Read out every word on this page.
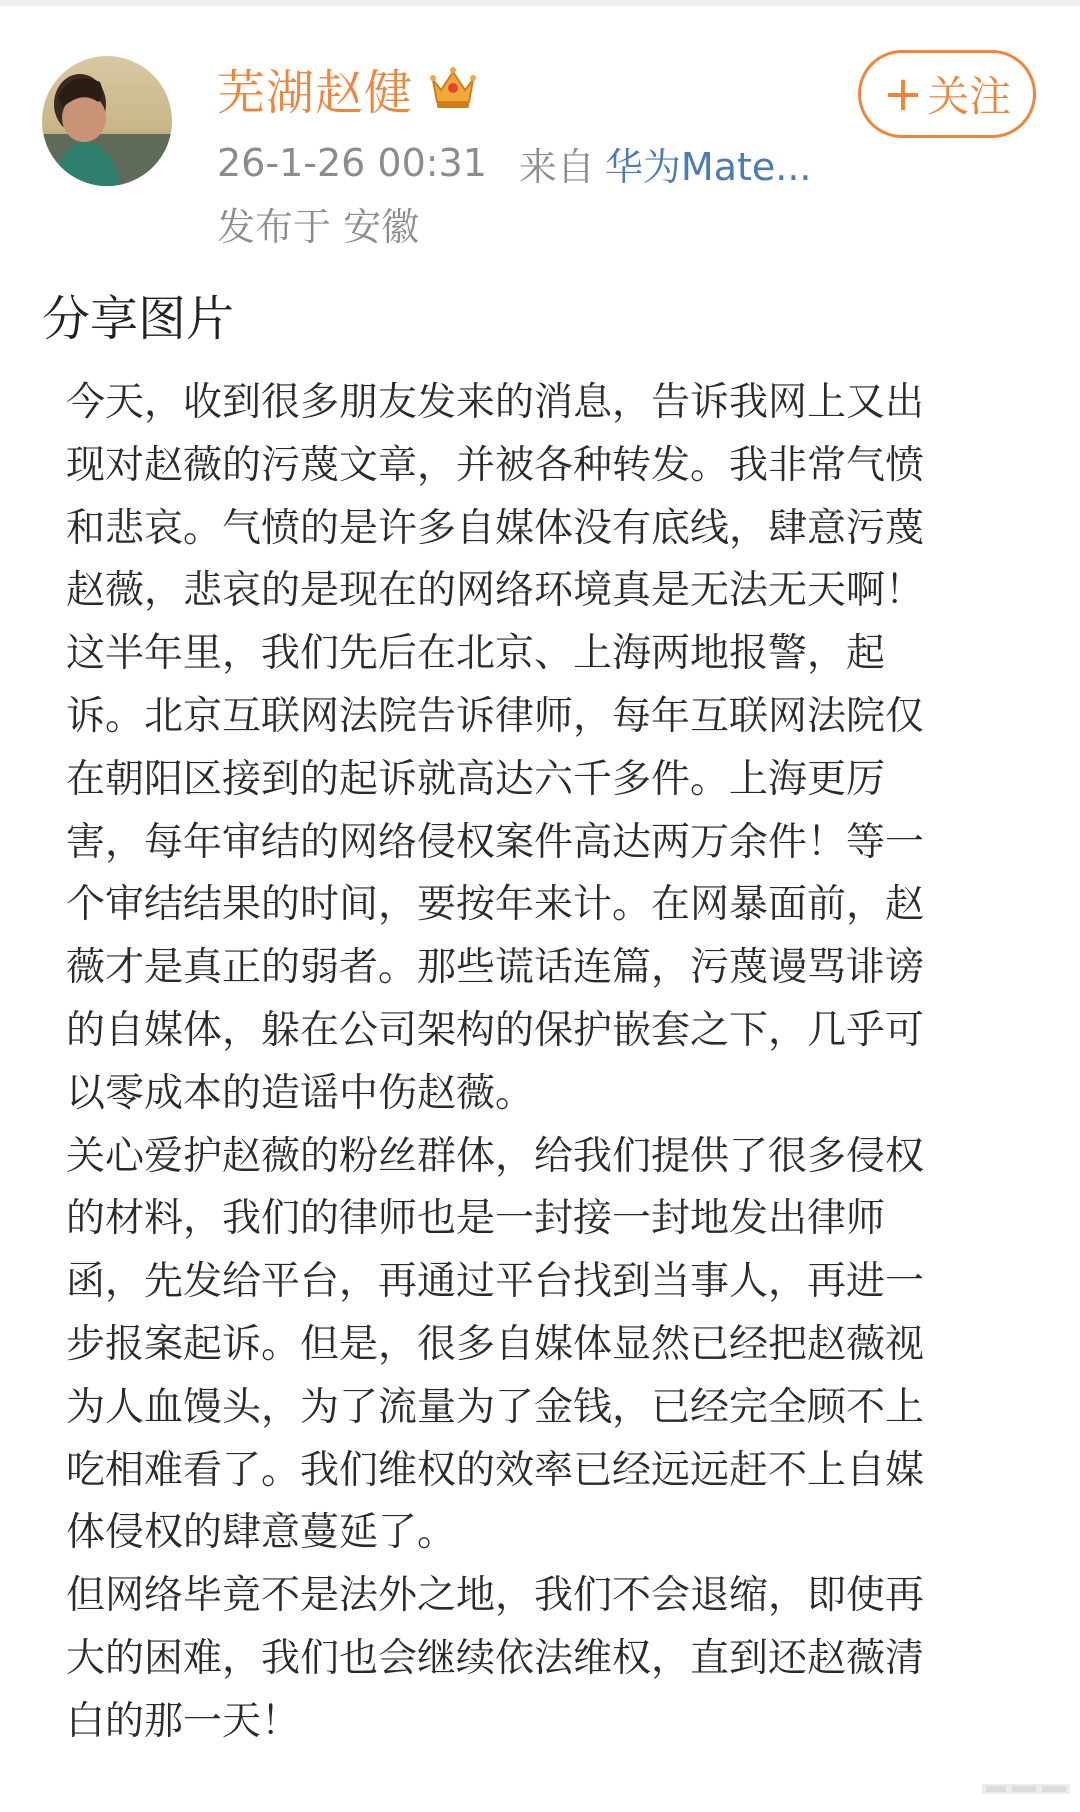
芜湖赵健
26-1-26 00:31 来自 华为Mate...
发布于 安徽
+ 关注
分享图片

今天，收到很多朋友发来的消息，告诉我网上又出

现对赵薇的污蔑文章，并被各种转发。我非常气愤

和悲哀。气愤的是许多自媒体没有底线，肆意污蔑

赵薇，悲哀的是现在的网络环境真是无法无天啊！

这半年里，我们先后在北京、上海两地报警，起

诉。北京互联网法院告诉律师，每年互联网法院仅

在朝阳区接到的起诉就高达六千多件。上海更厉

害，每年审结的网络侵权案件高达两万余件！等一

个审结结果的时间，要按年来计。在网暴面前，赵

薇才是真正的弱者。那些谎话连篇，污蔑谩骂诽谤

的自媒体，躲在公司架构的保护嵌套之下，几乎可

以零成本的造谣中伤赵薇。

关心爱护赵薇的粉丝群体，给我们提供了很多侵权

的材料，我们的律师也是一封接一封地发出律师

函，先发给平台，再通过平台找到当事人，再进一

步报案起诉。但是，很多自媒体显然已经把赵薇视

为人血馒头，为了流量为了金钱，已经完全顾不上

吃相难看了。我们维权的效率已经远远赶不上自媒

体侵权的肆意蔓延了。

但网络毕竟不是法外之地，我们不会退缩，即使再

大的困难，我们也会继续依法维权，直到还赵薇清

白的那一天！
